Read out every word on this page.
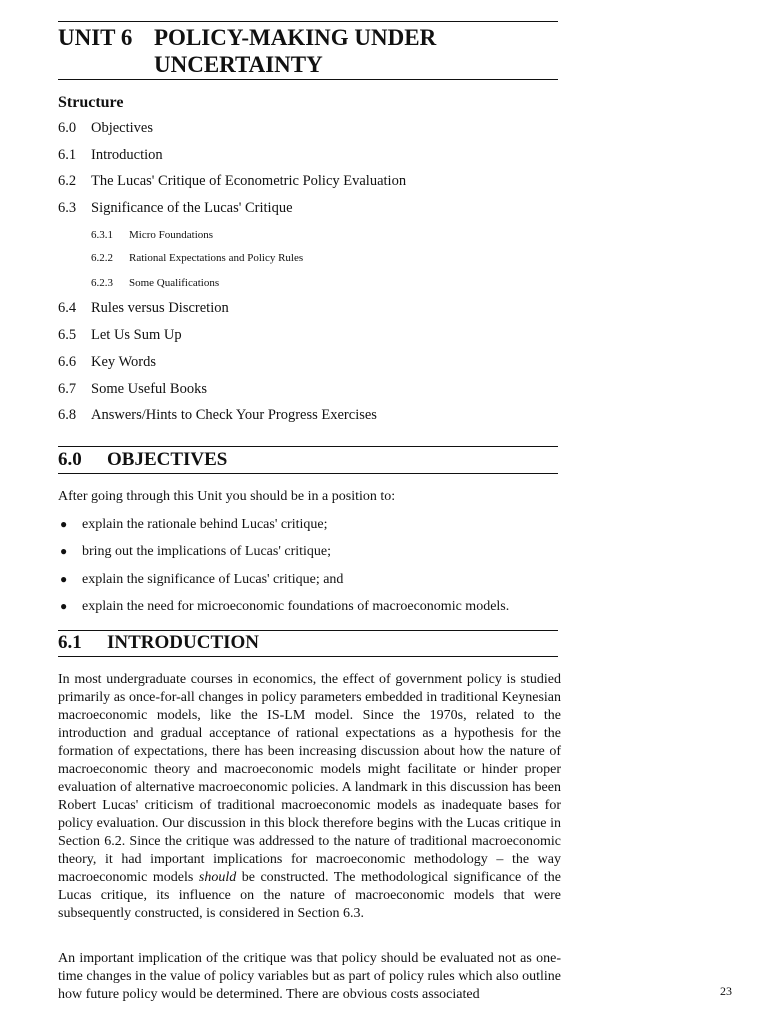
UNIT 6 POLICY-MAKING UNDER UNCERTAINTY
Structure
6.0 Objectives
6.1 Introduction
6.2 The Lucas' Critique of Econometric Policy Evaluation
6.3 Significance of the Lucas' Critique
6.3.1 Micro Foundations
6.2.2 Rational Expectations and Policy Rules
6.2.3 Some Qualifications
6.4 Rules versus Discretion
6.5 Let Us Sum Up
6.6 Key Words
6.7 Some Useful Books
6.8 Answers/Hints to Check Your Progress Exercises
6.0 OBJECTIVES
After going through this Unit you should be in a position to:
● explain the rationale behind Lucas' critique;
● bring out the implications of Lucas' critique;
● explain the significance of Lucas' critique; and
● explain the need for microeconomic foundations of macroeconomic models.
6.1 INTRODUCTION
In most undergraduate courses in economics, the effect of government policy is studied primarily as once-for-all changes in policy parameters embedded in traditional Keynesian macroeconomic models, like the IS-LM model. Since the 1970s, related to the introduction and gradual acceptance of rational expectations as a hypothesis for the formation of expectations, there has been increasing discussion about how the nature of macroeconomic theory and macroeconomic models might facilitate or hinder proper evaluation of alternative macroeconomic policies. A landmark in this discussion has been Robert Lucas' criticism of traditional macroeconomic models as inadequate bases for policy evaluation. Our discussion in this block therefore begins with the Lucas critique in Section 6.2. Since the critique was addressed to the nature of traditional macroeconomic theory, it had important implications for macroeconomic methodology – the way macroeconomic models should be constructed. The methodological significance of the Lucas critique, its influence on the nature of macroeconomic models that were subsequently constructed, is considered in Section 6.3.
An important implication of the critique was that policy should be evaluated not as one-time changes in the value of policy variables but as part of policy rules which also outline how future policy would be determined. There are obvious costs associated	23
